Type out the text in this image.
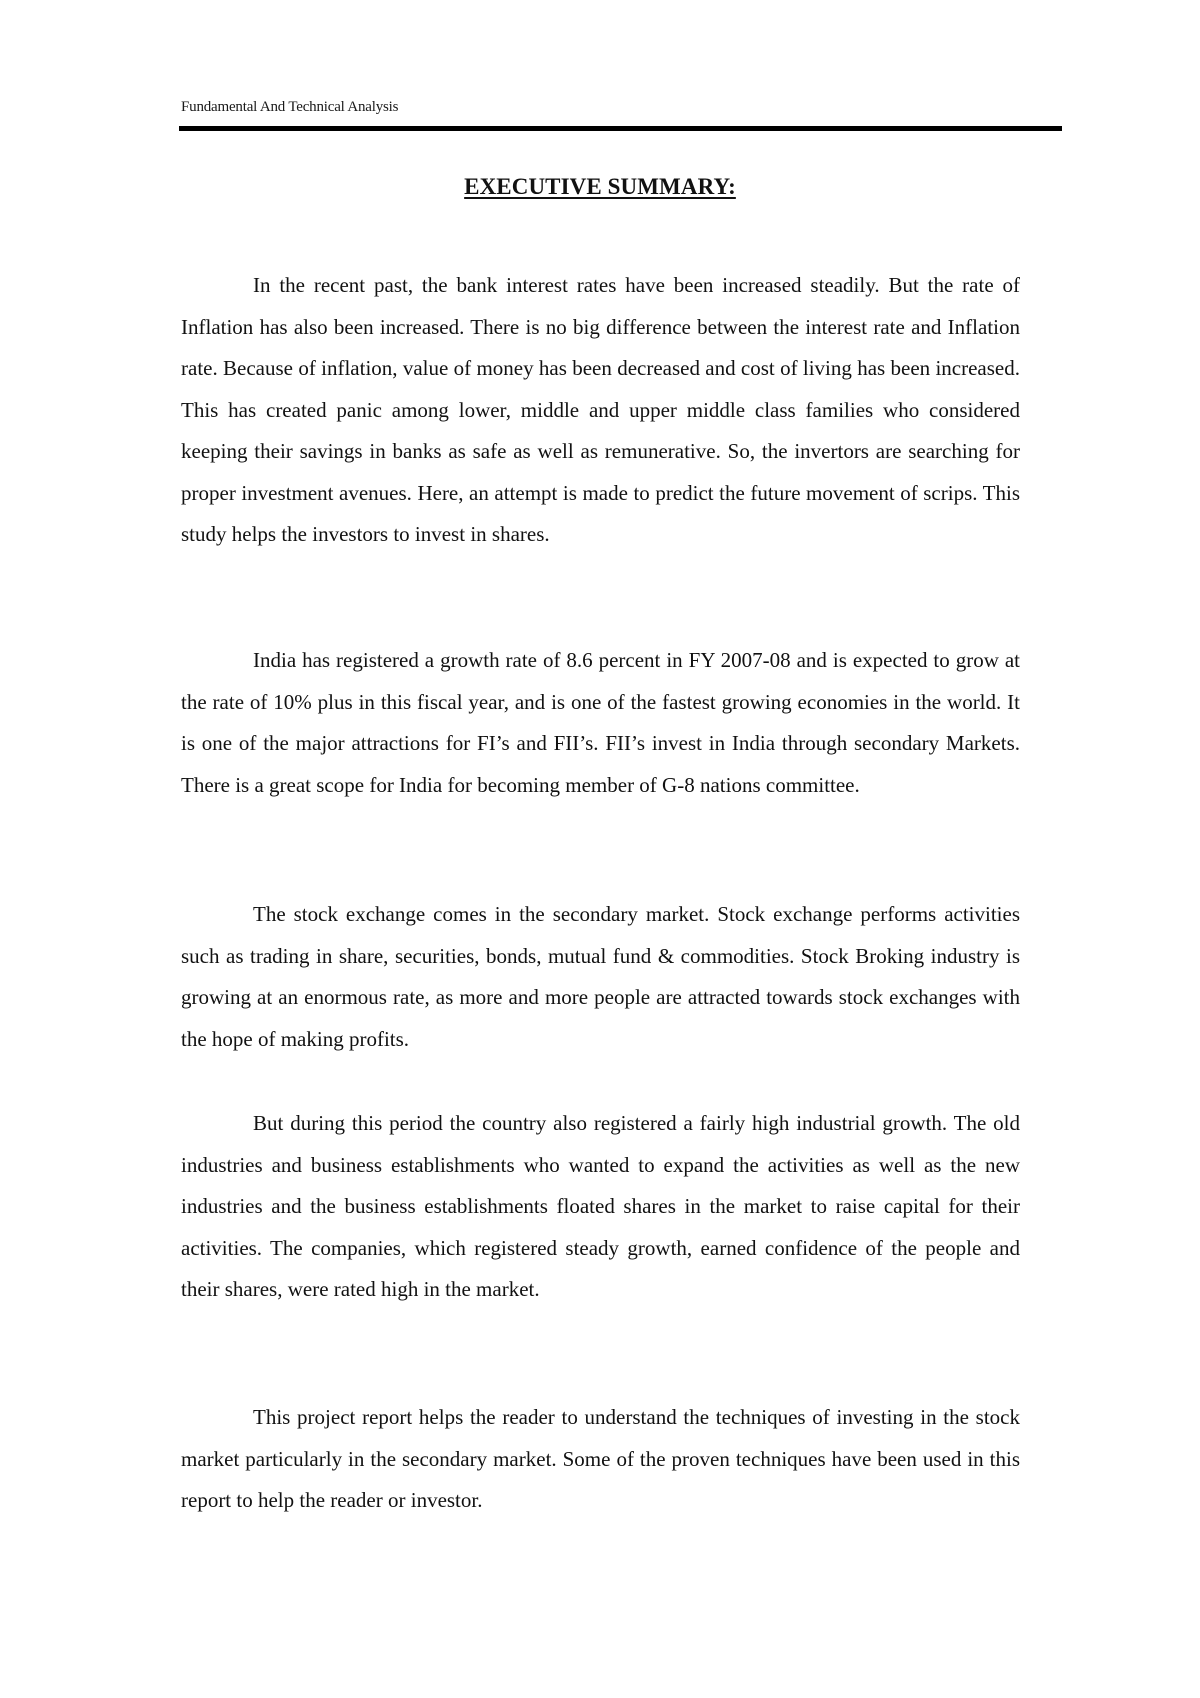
Fundamental And Technical Analysis
EXECUTIVE SUMMARY:

In the recent past, the bank interest rates have been increased steadily. But the rate of Inflation has also been increased. There is no big difference between the interest rate and Inflation rate. Because of inflation, value of money has been decreased and cost of living has been increased. This has created panic among lower, middle and upper middle class families who considered keeping their savings in banks as safe as well as remunerative. So, the invertors are searching for proper investment avenues. Here, an attempt is made to predict the future movement of scrips. This study helps the investors to invest in shares.

India has registered a growth rate of 8.6 percent in FY 2007-08 and is expected to grow at the rate of 10% plus in this fiscal year, and is one of the fastest growing economies in the world. It is one of the major attractions for FI’s and FII’s. FII’s invest in India through secondary Markets. There is a great scope for India for becoming member of G-8 nations committee.

The stock exchange comes in the secondary market. Stock exchange performs activities such as trading in share, securities, bonds, mutual fund & commodities. Stock Broking industry is growing at an enormous rate, as more and more people are attracted towards stock exchanges with the hope of making profits.

But during this period the country also registered a fairly high industrial growth. The old industries and business establishments who wanted to expand the activities as well as the new industries and the business establishments floated shares in the market to raise capital for their activities. The companies, which registered steady growth, earned confidence of the people and their shares, were rated high in the market.

This project report helps the reader to understand the techniques of investing in the stock market particularly in the secondary market. Some of the proven techniques have been used in this report to help the reader or investor.
